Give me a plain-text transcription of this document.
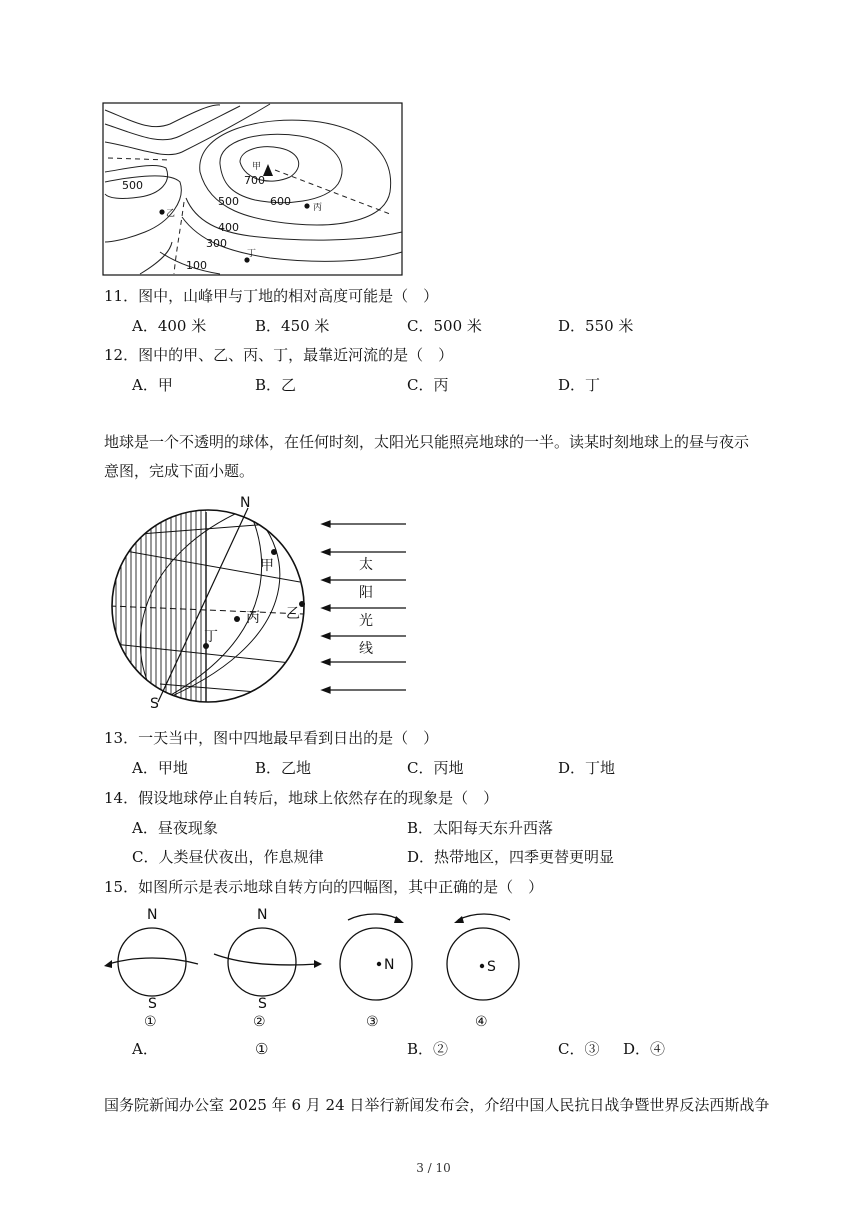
500
500
700
600
400
300
100
甲
乙
丙
丁
11．图中，山峰甲与丁地的相对高度可能是（　）
A．400 米	B．450 米	C．500 米	D．550 米
12．图中的甲、乙、丙、丁，最靠近河流的是（　）
A．甲	B．乙	C．丙	D．丁
地球是一个不透明的球体，在任何时刻，太阳光只能照亮地球的一半。读某时刻地球上的昼与夜示
意图，完成下面小题。
N
S
甲
乙
丙
丁
太
阳
光
线
13．一天当中，图中四地最早看到日出的是（　）
A．甲地	B．乙地	C．丙地	D．丁地
14．假设地球停止自转后，地球上依然存在的现象是（　）
A．昼夜现象	B．太阳每天东升西落
C．人类昼伏夜出，作息规律	D．热带地区，四季更替更明显
15．如图所示是表示地球自转方向的四幅图，其中正确的是（　）
N
S
①
N
S
②
N
③
S
④
A．	①	B．②	C．③ D．④
国务院新闻办公室 2025 年 6 月 24 日举行新闻发布会，介绍中国人民抗日战争暨世界反法西斯战争
3 / 10
